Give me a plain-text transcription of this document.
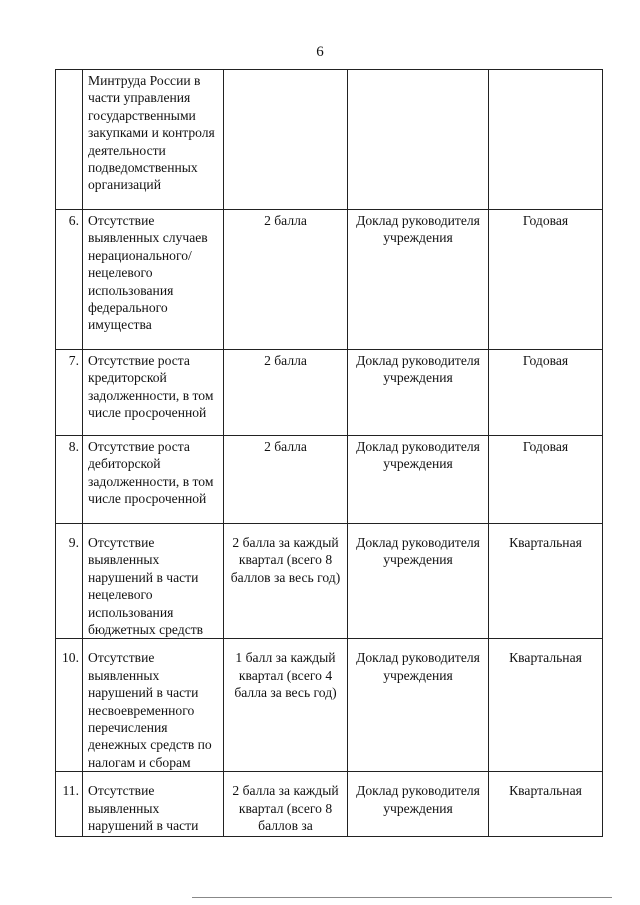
6
	Минтруда России в части управления государственными закупками и контроля деятельности подведомственных организаций			
6.	Отсутствие выявленных случаев нерационального/ нецелевого использования федерального имущества	2 балла	Доклад руководителя учреждения	Годовая
7.	Отсутствие роста кредиторской задолженности, в том числе просроченной	2 балла	Доклад руководителя учреждения	Годовая
8.	Отсутствие роста дебиторской задолженности, в том числе просроченной	2 балла	Доклад руководителя учреждения	Годовая
9.	Отсутствие выявленных нарушений в части нецелевого использования бюджетных средств	2 балла за каждый квартал (всего 8 баллов за весь год)	Доклад руководителя учреждения	Квартальная
10.	Отсутствие выявленных нарушений в части несвоевременного перечисления денежных средств по налогам и сборам	1 балл за каждый квартал (всего 4 балла за весь год)	Доклад руководителя учреждения	Квартальная
11.	Отсутствие выявленных нарушений в части	2 балла за каждый квартал (всего 8 баллов за	Доклад руководителя учреждения	Квартальная
